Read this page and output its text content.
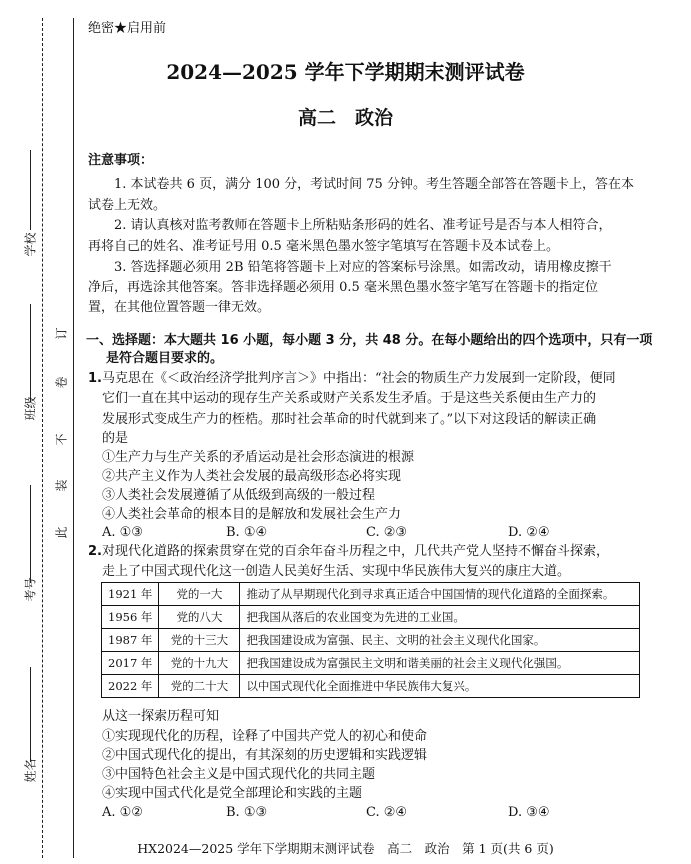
学校
班级
考号
姓名
订
卷
不
装
此
绝密★启用前
2024—2025 学年下学期期末测评试卷
高二　政治
注意事项：
1. 本试卷共 6 页，满分 100 分，考试时间 75 分钟。考生答题全部答在答题卡上，答在本
试卷上无效。
2. 请认真核对监考教师在答题卡上所粘贴条形码的姓名、准考证号是否与本人相符合，
再将自己的姓名、准考证号用 0.5 毫米黑色墨水签字笔填写在答题卡及本试卷上。
3. 答选择题必须用 2B 铅笔将答题卡上对应的答案标号涂黑。如需改动，请用橡皮擦干
净后，再选涂其他答案。答非选择题必须用 0.5 毫米黑色墨水签字笔写在答题卡的指定位
置，在其他位置答题一律无效。
一、选择题：本大题共 16 小题，每小题 3 分，共 48 分。在每小题给出的四个选项中，只有一项
是符合题目要求的。
1. 马克思在《＜政治经济学批判序言＞》中指出：“社会的物质生产力发展到一定阶段，便同
它们一直在其中运动的现存生产关系或财产关系发生矛盾。于是这些关系便由生产力的
发展形式变成生产力的桎梏。那时社会革命的时代就到来了。”以下对这段话的解读正确
的是
①生产力与生产关系的矛盾运动是社会形态演进的根源
②共产主义作为人类社会发展的最高级形态必将实现
③人类社会发展遵循了从低级到高级的一般过程
④人类社会革命的根本目的是解放和发展社会生产力
A. ①③	B. ①④	C. ②③	D. ②④
2. 对现代化道路的探索贯穿在党的百余年奋斗历程之中，几代共产党人坚持不懈奋斗探索，
走上了中国式现代化这一创造人民美好生活、实现中华民族伟大复兴的康庄大道。
1921 年	党的一大	推动了从早期现代化到寻求真正适合中国国情的现代化道路的全面探索。
1956 年	党的八大	把我国从落后的农业国变为先进的工业国。
1987 年	党的十三大	把我国建设成为富强、民主、文明的社会主义现代化国家。
2017 年	党的十九大	把我国建设成为富强民主文明和谐美丽的社会主义现代化强国。
2022 年	党的二十大	以中国式现代化全面推进中华民族伟大复兴。
从这一探索历程可知
①实现现代化的历程，诠释了中国共产党人的初心和使命
②中国式现代化的提出，有其深刻的历史逻辑和实践逻辑
③中国特色社会主义是中国式现代化的共同主题
④实现中国式代化是党全部理论和实践的主题
A. ①②	B. ①③	C. ②④	D. ③④
HX2024—2025 学年下学期期末测评试卷　高二　政治　第 1 页(共 6 页)
